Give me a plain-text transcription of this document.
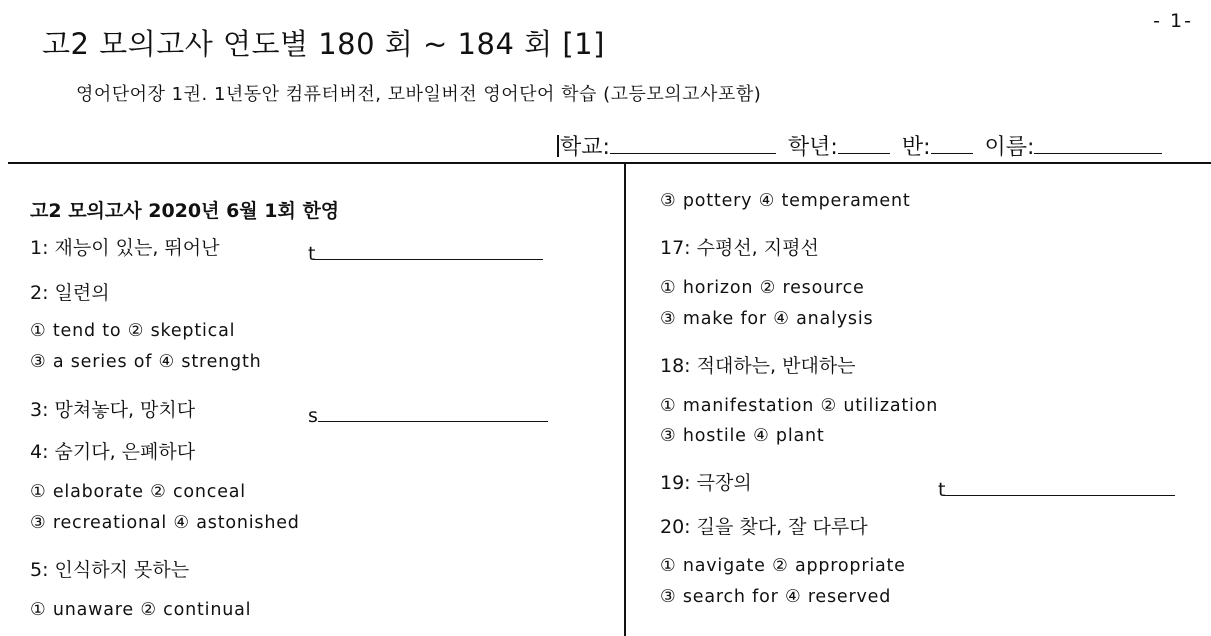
- 1-
고2 모의고사 연도별 180 회 ~ 184 회 [1]
영어단어장 1권. 1년동안 컴퓨터버전, 모바일버전 영어단어 학습 (고등모의고사포함)
학교:	학년:	반: 이름:
고2 모의고사 2020년 6월 1회 한영
1: 재능이 있는, 뛰어난	t
2: 일련의
① tend to ② skeptical
③ a series of ④ strength
3: 망쳐놓다, 망치다	s
4: 숨기다, 은폐하다
① elaborate ② conceal
③ recreational ④ astonished
5: 인식하지 못하는
① unaware ② continual
③ pottery ④ temperament
17: 수평선, 지평선
① horizon ② resource
③ make for ④ analysis
18: 적대하는, 반대하는
① manifestation ② utilization
③ hostile ④ plant
19: 극장의	t
20: 길을 찾다, 잘 다루다
① navigate ② appropriate
③ search for ④ reserved
